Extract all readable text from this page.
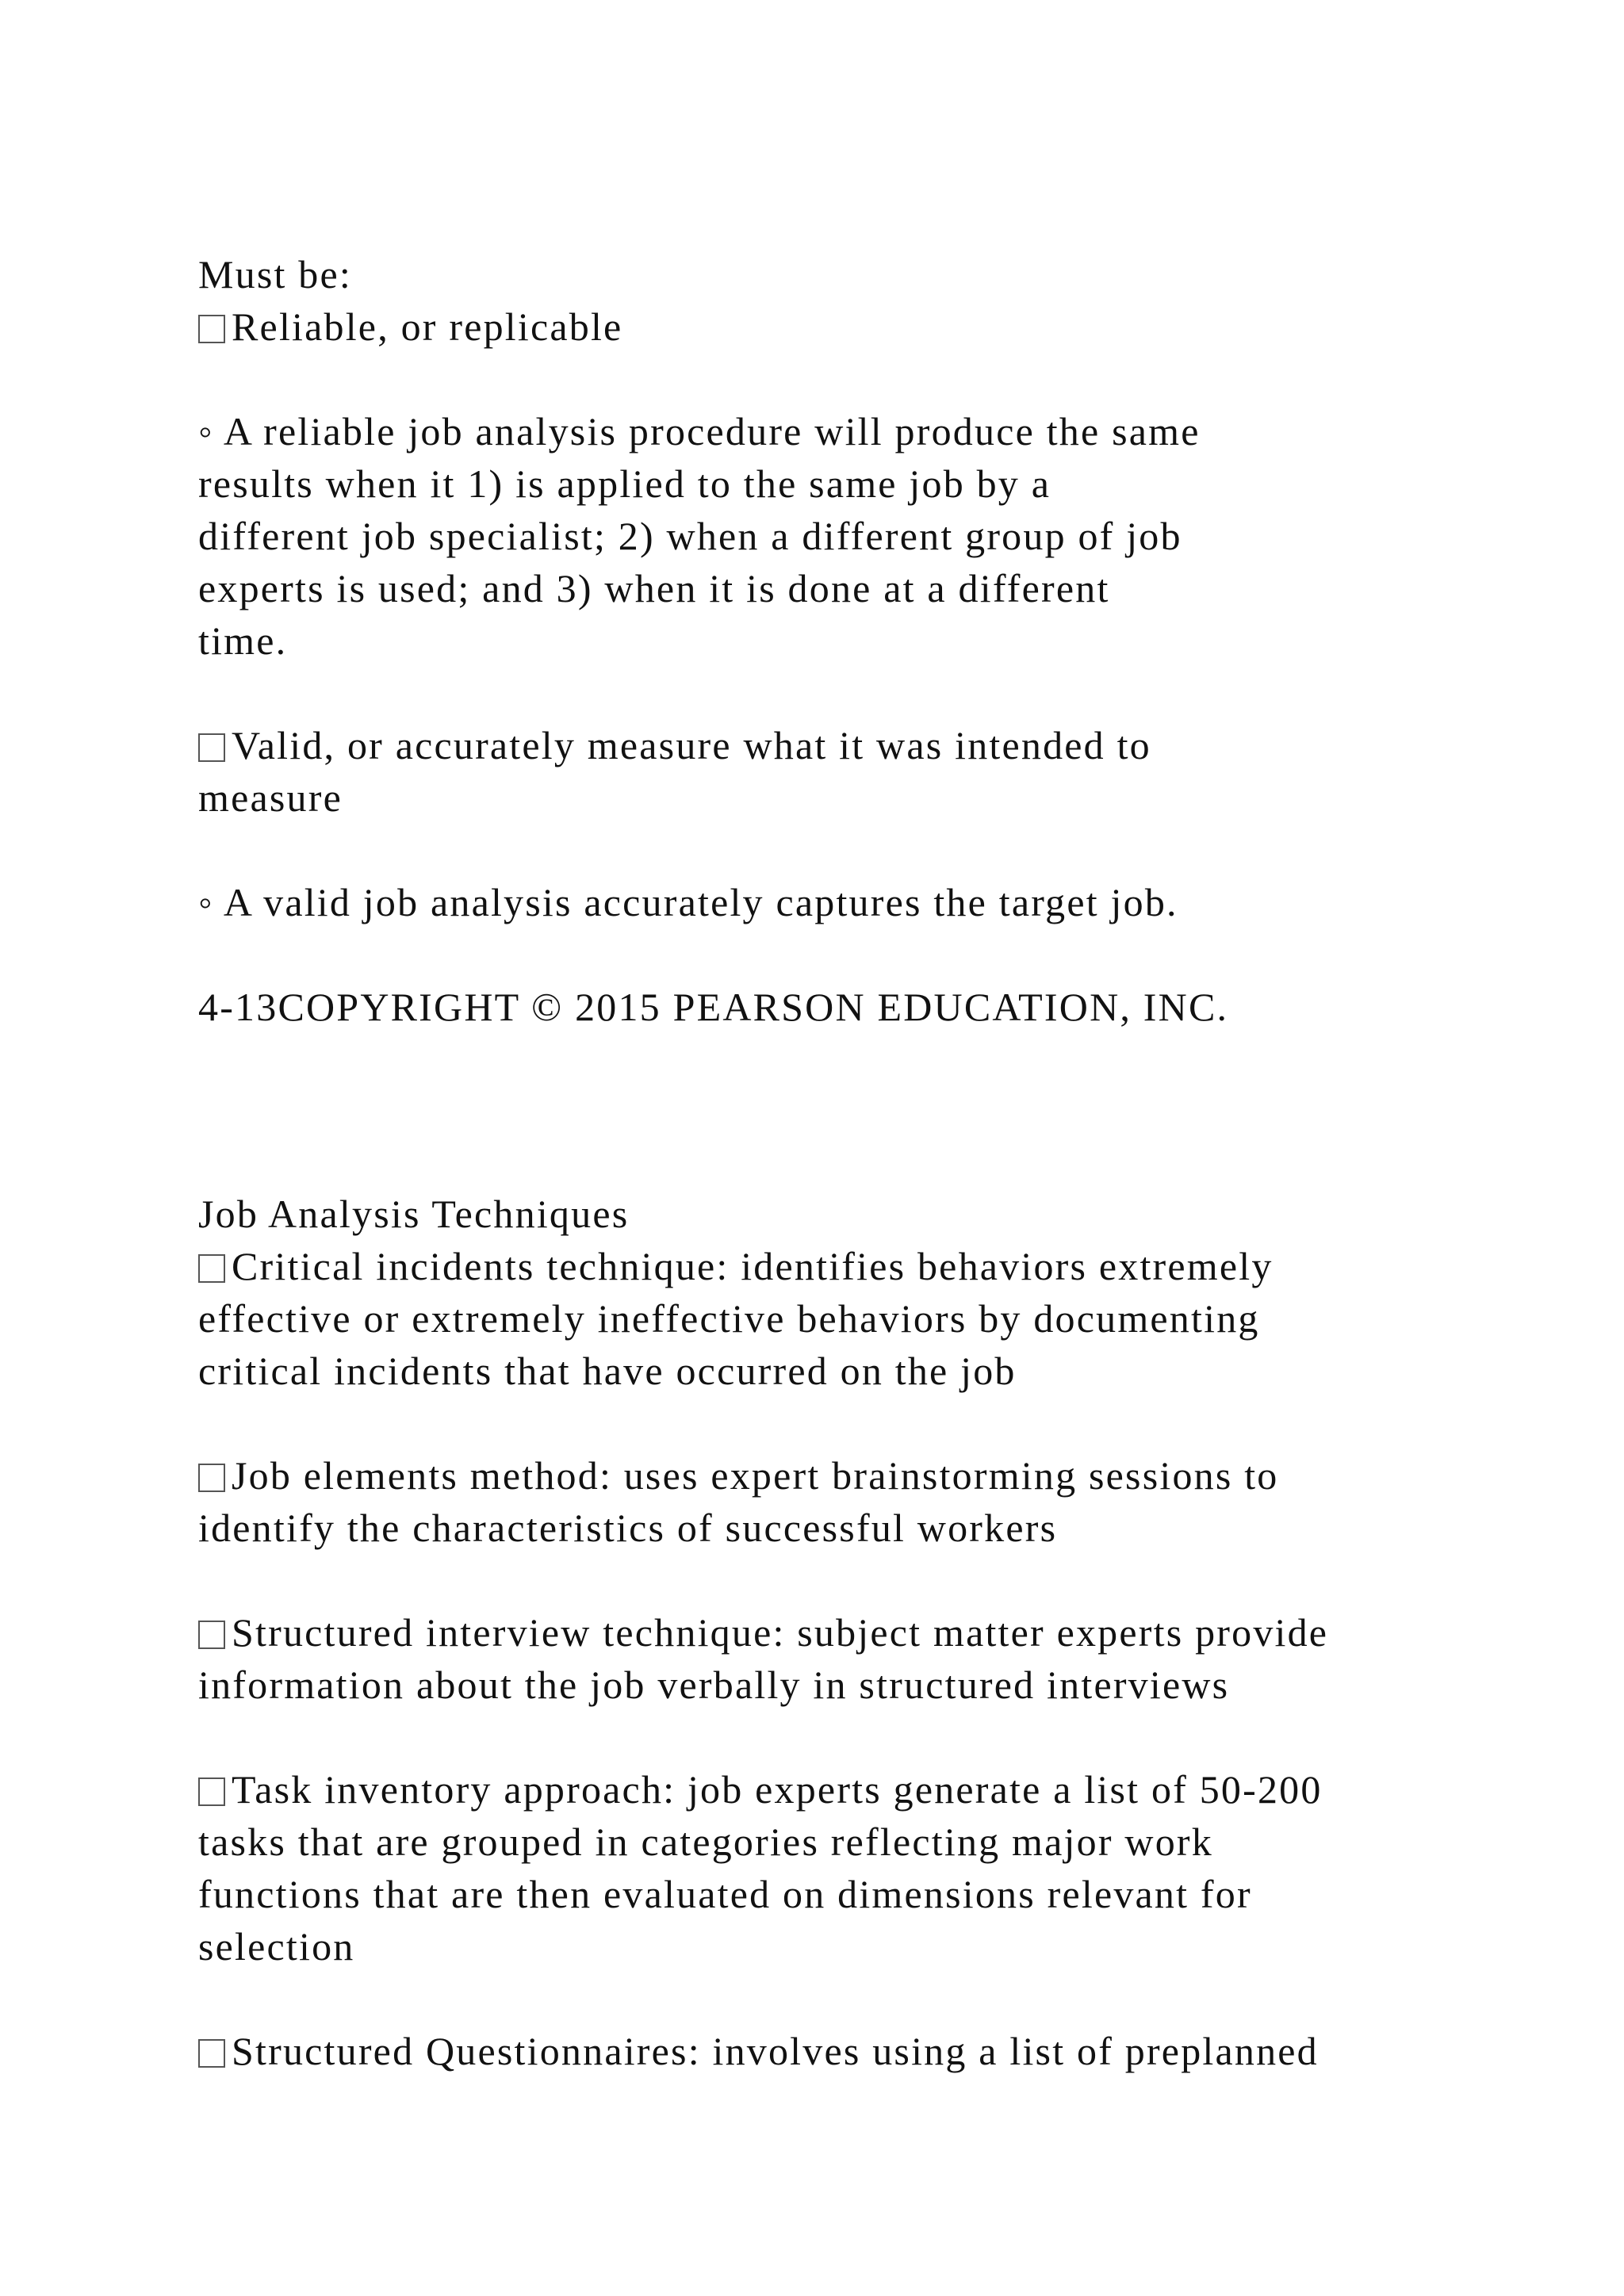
Must be:
Reliable, or replicable
◦ A reliable job analysis procedure will produce the same
results when it 1) is applied to the same job by a
different job specialist; 2) when a different group of job
experts is used; and 3) when it is done at a different
time.
Valid, or accurately measure what it was intended to
measure
◦ A valid job analysis accurately captures the target job.
4-13COPYRIGHT © 2015 PEARSON EDUCATION, INC.
Job Analysis Techniques
Critical incidents technique: identifies behaviors extremely
effective or extremely ineffective behaviors by documenting
critical incidents that have occurred on the job
Job elements method: uses expert brainstorming sessions to
identify the characteristics of successful workers
Structured interview technique: subject matter experts provide
information about the job verbally in structured interviews
Task inventory approach: job experts generate a list of 50-200
tasks that are grouped in categories reflecting major work
functions that are then evaluated on dimensions relevant for
selection
Structured Questionnaires: involves using a list of preplanned
